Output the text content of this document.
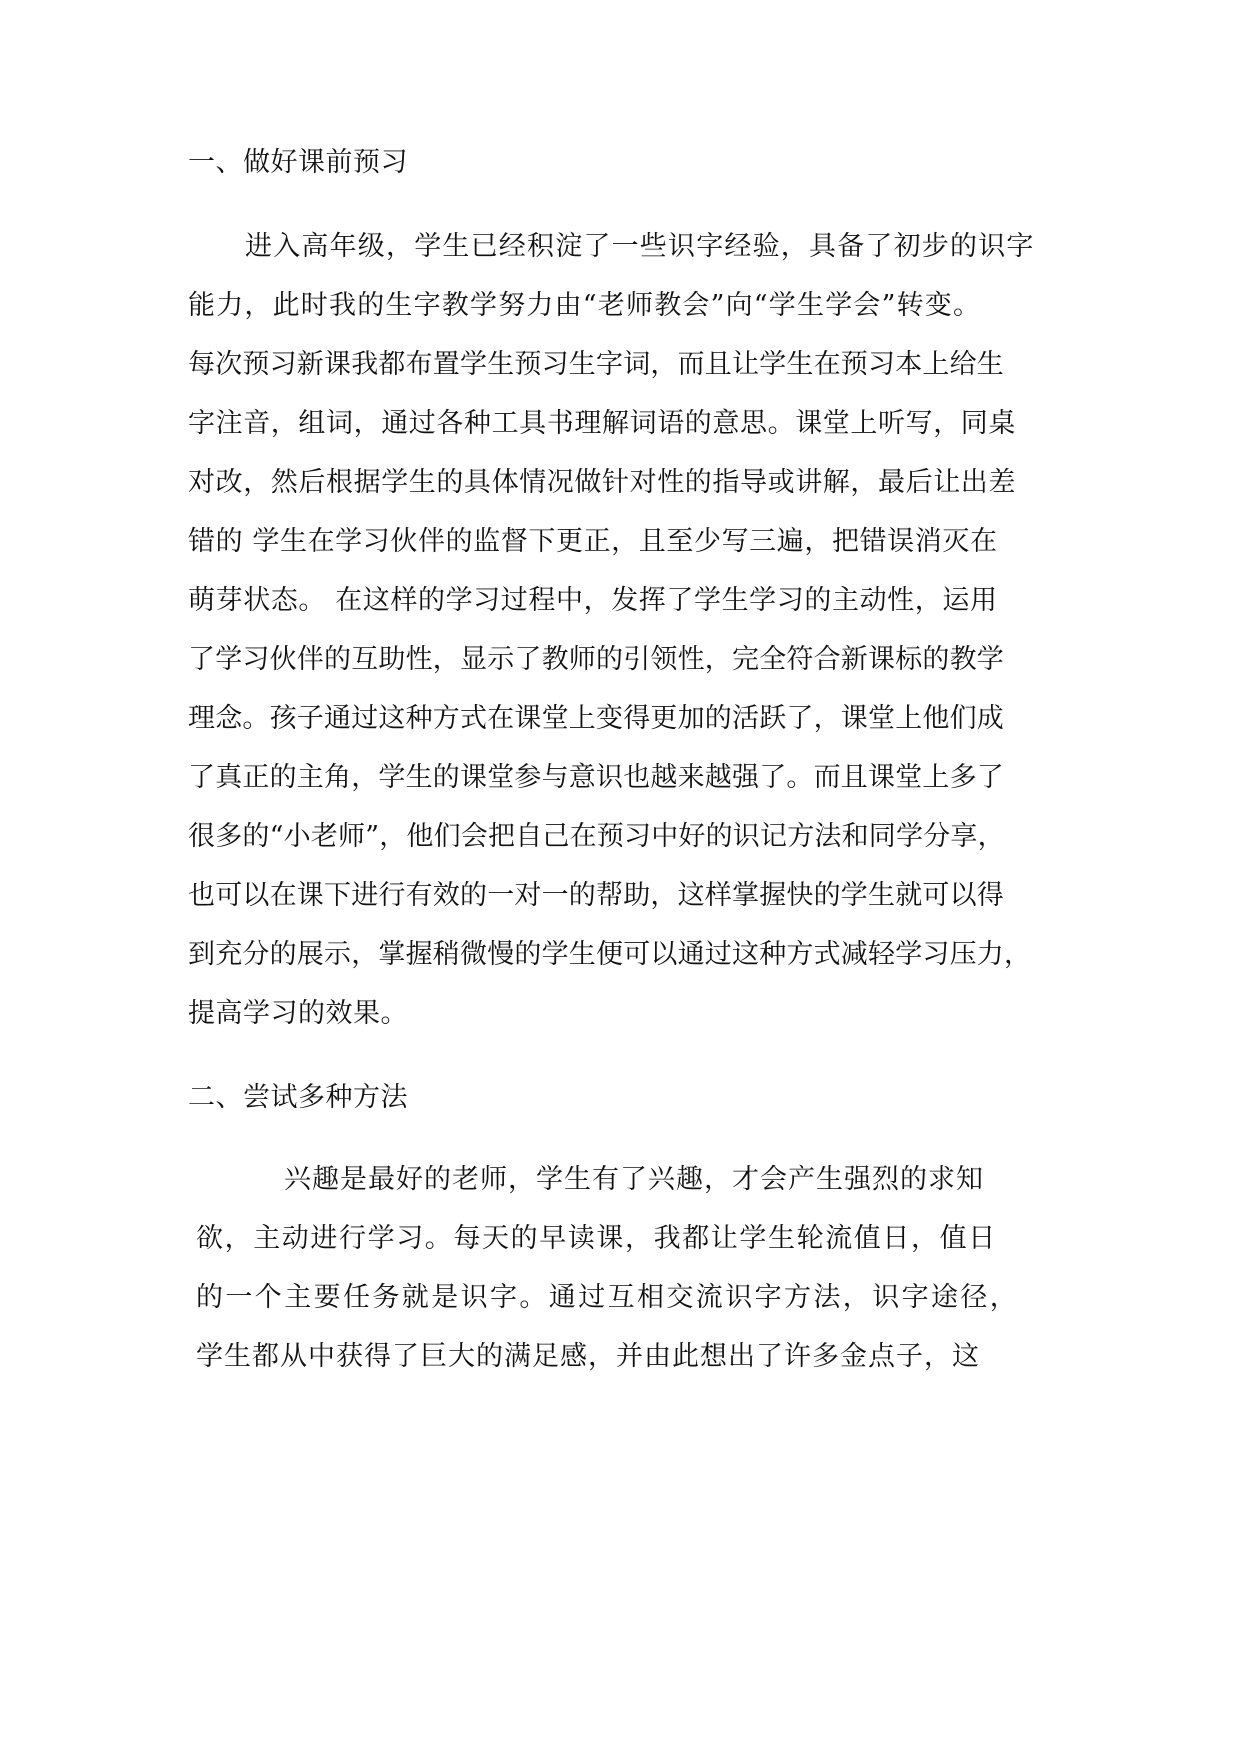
一、做好课前预习
进入高年级，学生已经积淀了一些识字经验，具备了初步的识字
能力，此时我的生字教学努力由“老师教会”向“学生学会”转变。
每次预习新课我都布置学生预习生字词，而且让学生在预习本上给生
字注音，组词，通过各种工具书理解词语的意思。课堂上听写，同桌
对改，然后根据学生的具体情况做针对性的指导或讲解，最后让出差
错的 学生在学习伙伴的监督下更正，且至少写三遍，把错误消灭在
萌芽状态。 在这样的学习过程中，发挥了学生学习的主动性，运用
了学习伙伴的互助性，显示了教师的引领性，完全符合新课标的教学
理念。孩子通过这种方式在课堂上变得更加的活跃了，课堂上他们成
了真正的主角，学生的课堂参与意识也越来越强了。而且课堂上多了
很多的“小老师”，他们会把自己在预习中好的识记方法和同学分享，
也可以在课下进行有效的一对一的帮助，这样掌握快的学生就可以得
到充分的展示，掌握稍微慢的学生便可以通过这种方式减轻学习压力，
提高学习的效果。
二、尝试多种方法
兴趣是最好的老师，学生有了兴趣，才会产生强烈的求知
欲，主动进行学习。每天的早读课，我都让学生轮流值日，值日
的一个主要任务就是识字。通过互相交流识字方法，识字途径，
学生都从中获得了巨大的满足感，并由此想出了许多金点子，这
